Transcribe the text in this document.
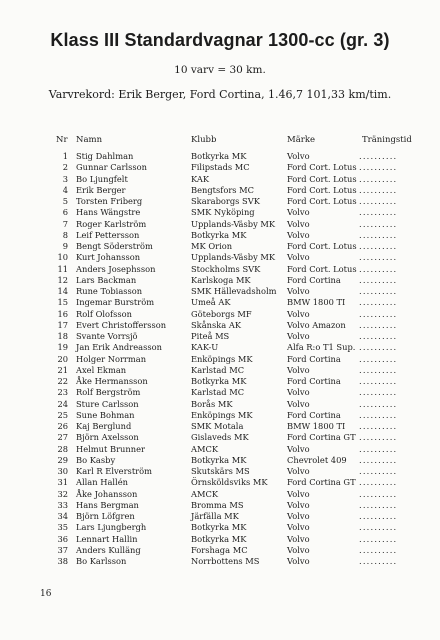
Klass III Standardvagnar 1300-cc (gr. 3)
10 varv = 30 km.
Varvrekord: Erik Berger, Ford Cortina, 1.46,7 101,33 km/tim.
Nr Namn	Klubb	Märke	Träningstid
1 Stig Dahlman	Botkyrka MK	Volvo	..........
2 Gunnar Carlsson	Filipstads MC	Ford Cort. Lotus ..........
3 Bo Ljungfelt	KAK	Ford Cort. Lotus ..........
4 Erik Berger	Bengtsfors MC	Ford Cort. Lotus ..........
5 Torsten Friberg	Skaraborgs SVK	Ford Cort. Lotus ..........
6 Hans Wängstre	SMK Nyköping	Volvo	..........
7 Roger Karlström	Upplands-Väsby MK Volvo	..........
8 Leif Pettersson	Botkyrka MK	Volvo	..........
9 Bengt Söderström	MK Orion	Ford Cort. Lotus ..........
10 Kurt Johansson	Upplands-Väsby MK Volvo	..........
11 Anders Josephsson	Stockholms SVK	Ford Cort. Lotus ..........
12 Lars Backman	Karlskoga MK	Ford Cortina ..........
14 Rune Tobiasson	SMK Hällevadsholm Volvo	..........
15 Ingemar Burström	Umeå AK	BMW 1800 TI ..........
16 Rolf Olofsson	Göteborgs MF	Volvo	..........
17 Evert Christoffersson	Skånska AK	Volvo Amazon ..........
18 Svante Vorrsjö	Piteå MS	Volvo	..........
19 Jan Erik Andreasson	KAK-U	Alfa R:o T1 Sup. ..........
20 Holger Norrman	Enköpings MK	Ford Cortina ..........
21 Axel Ekman	Karlstad MC	Volvo	..........
22 Åke Hermansson	Botkyrka MK	Ford Cortina ..........
23 Rolf Bergström	Karlstad MC	Volvo	..........
24 Sture Carlsson	Borås MK	Volvo	..........
25 Sune Bohman	Enköpings MK	Ford Cortina ..........
26 Kaj Berglund	SMK Motala	BMW 1800 TI ..........
27 Björn Axelsson	Gislaveds MK	Ford Cortina GT ..........
28 Helmut Brunner	AMCK	Volvo	..........
29 Bo Kasby	Botkyrka MK	Chevrolet 409 ..........
30 Karl R Elverström	Skutskärs MS	Volvo	..........
31 Allan Hallén	Örnsköldsviks MK Ford Cortina GT ..........
32 Åke Johansson	AMCK	Volvo	..........
33 Hans Bergman	Bromma MS	Volvo	..........
34 Björn Löfgren	Järfälla MK	Volvo	..........
35 Lars Ljungbergh	Botkyrka MK	Volvo	..........
36 Lennart Hallin	Botkyrka MK	Volvo	..........
37 Anders Kulläng	Forshaga MC	Volvo	..........
38 Bo Karlsson	Norrbottens MS	Volvo	..........
16
